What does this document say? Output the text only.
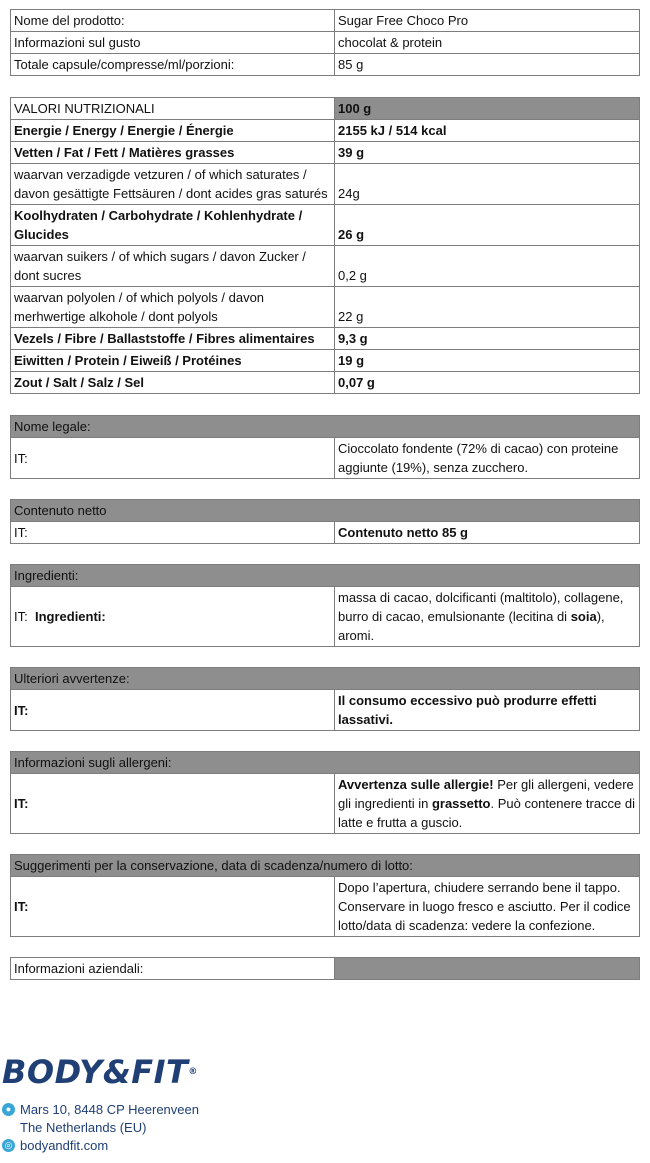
Nome del prodotto:	Sugar Free Choco Pro
Informazioni sul gusto	chocolat & protein
Totale capsule/compresse/ml/porzioni:	85 g
VALORI NUTRIZIONALI	100 g
Energie / Energy / Energie / Énergie	2155 kJ / 514 kcal
Vetten / Fat / Fett / Matières grasses	39 g
waarvan verzadigde vetzuren / of which saturates / davon gesättigte Fettsäuren / dont acides gras saturés	24g
Koolhydraten / Carbohydrate / Kohlenhydrate / Glucides	26 g
waarvan suikers / of which sugars / davon Zucker / dont sucres	0,2 g
waarvan polyolen / of which polyols / davon merhwertige alkohole / dont polyols	22 g
Vezels / Fibre / Ballaststoffe / Fibres alimentaires	9,3 g
Eiwitten / Protein / Eiweiß / Protéines	19 g
Zout / Salt / Salz / Sel	0,07 g
Nome legale:
IT:	Cioccolato fondente (72% di cacao) con proteine aggiunte (19%), senza zucchero.
Contenuto netto
IT:	Contenuto netto 85 g
Ingredienti:
IT: Ingredienti:	massa di cacao, dolcificanti (maltitolo), collagene, burro di cacao, emulsionante (lecitina di soia), aromi.
Ulteriori avvertenze:
IT:	Il consumo eccessivo può produrre effetti lassativi.
Informazioni sugli allergeni:
IT:	Avvertenza sulle allergie! Per gli allergeni, vedere gli ingredienti in grassetto. Può contenere tracce di latte e frutta a guscio.
Suggerimenti per la conservazione, data di scadenza/numero di lotto:
IT:	Dopo l’apertura, chiudere serrando bene il tappo. Conservare in luogo fresco e asciutto. Per il codice lotto/data di scadenza: vedere la confezione.
Informazioni aziendali:	
BODY&FIT®
● Mars 10, 8448 CP Heerenveen
The Netherlands (EU)
◎ bodyandfit.com
